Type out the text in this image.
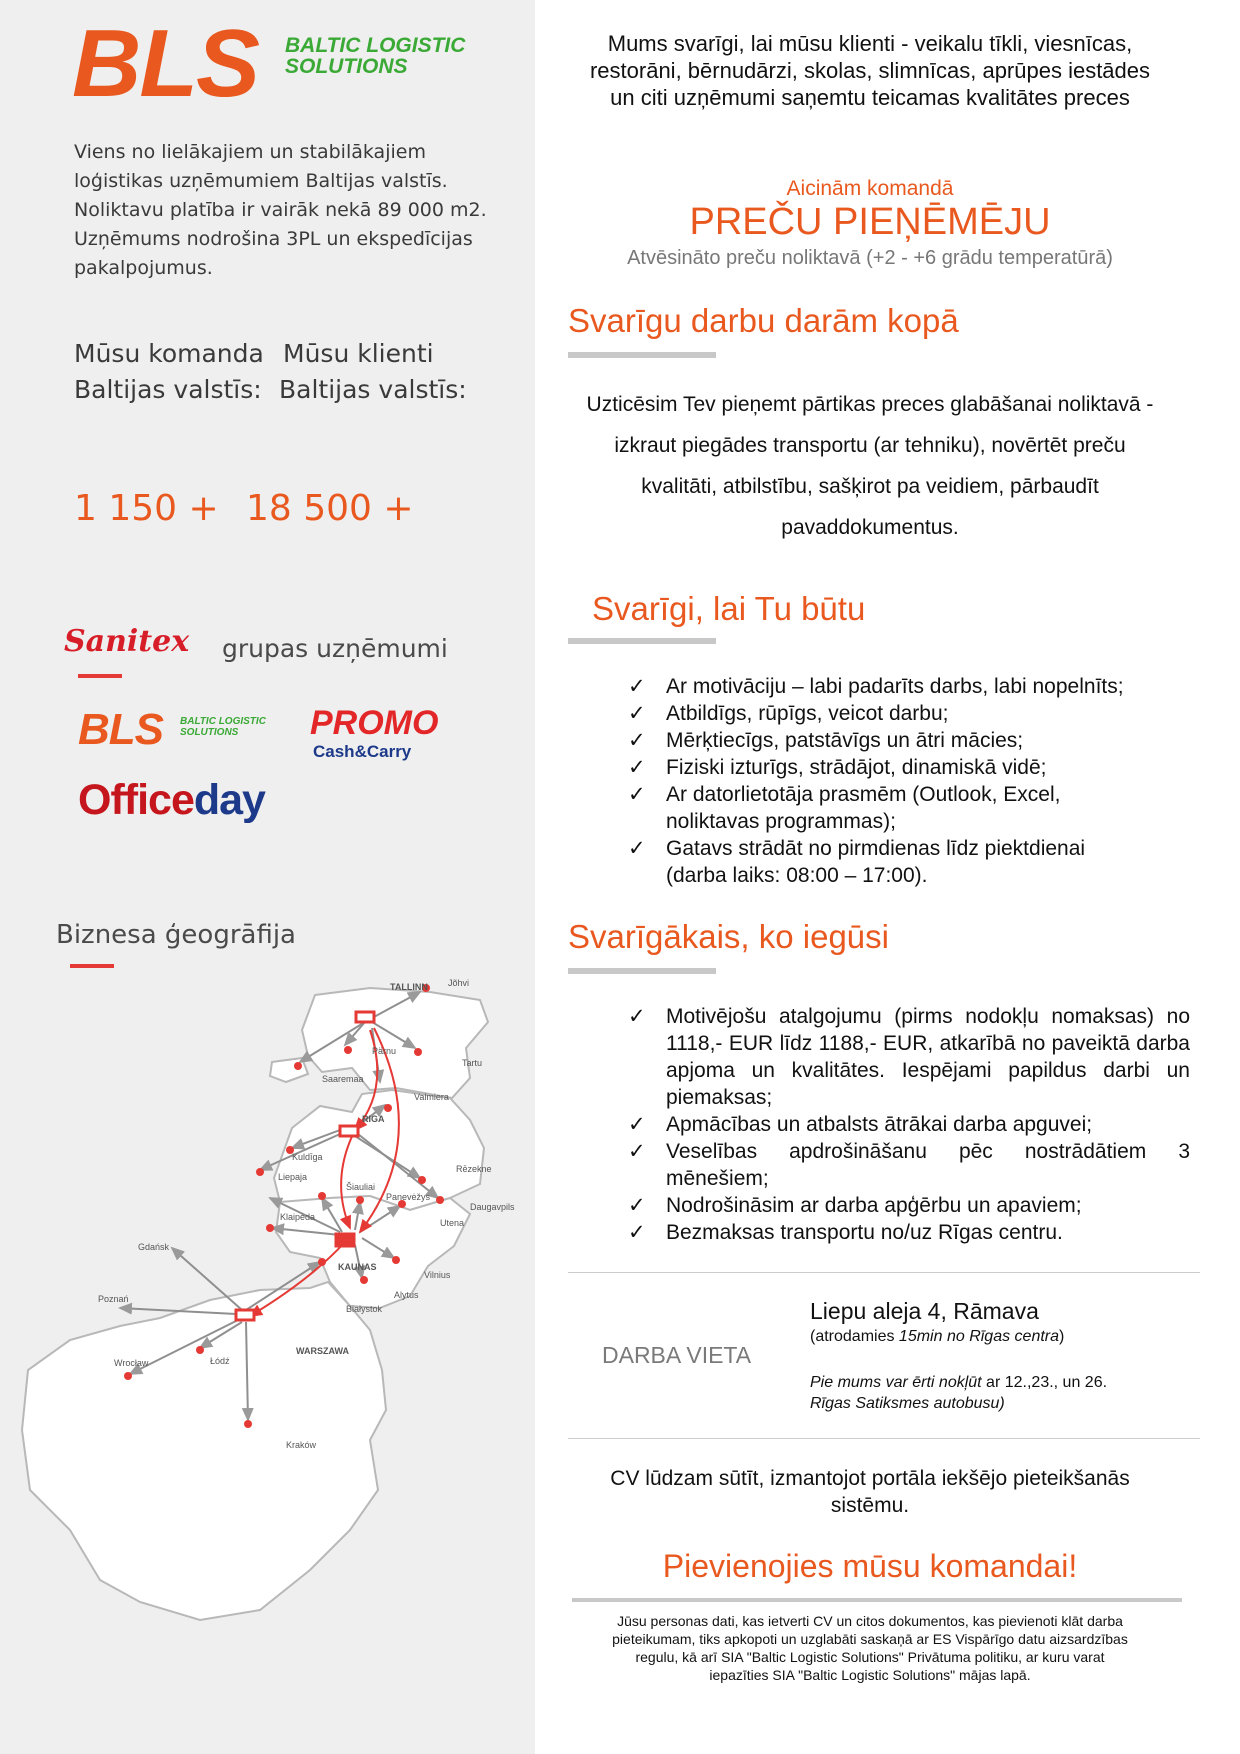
BLS BALTIC LOGISTIC
SOLUTIONS
Viens no lielākajiem un stabilākajiem
loģistikas uzņēmumiem Baltijas valstīs.
Noliktavu platība ir vairāk nekā 89 000 m2.
Uzņēmums nodrošina 3PL un ekspedīcijas
pakalpojumus.
Mūsu komanda
Baltijas valstīs:
Mūsu klienti
Baltijas valstīs:
1 150 + 18 500 +
Sanitex grupas uzņēmumi
BLS BALTIC LOGISTIC
SOLUTIONS PROMO
Cash&Carry
Officeday
Biznesa ģeogrāfija
TALLINN Jõhvi
Pärnu
Tartu
Saaremaa
Valmiera
RIGA
Kuldīga
Liepaja
Rēzekne
Šiauliai
Panevėžys
Klaipėda
Daugavpils
Utena
KAUNAS
Vilnius
Alytus
Gdańsk
Białystok
Poznań
WARSZAWA
Wrocław	Łódź
Kraków
Mums svarīgi, lai mūsu klienti - veikalu tīkli, viesnīcas,
restorāni, bērnudārzi, skolas, slimnīcas, aprūpes iestādes
un citi uzņēmumi saņemtu teicamas kvalitātes preces
Aicinām komandā
PREČU PIEŅĒMĒJU
Atvēsināto preču noliktavā (+2 - +6 grādu temperatūrā)
Svarīgu darbu darām kopā
Uzticēsim Tev pieņemt pārtikas preces glabāšanai noliktavā -
izkraut piegādes transportu (ar tehniku), novērtēt preču
kvalitāti, atbilstību, sašķirot pa veidiem, pārbaudīt
pavaddokumentus.
Svarīgi, lai Tu būtu
✓ Ar motivāciju – labi padarīts darbs, labi nopelnīts;
✓ Atbildīgs, rūpīgs, veicot darbu;
✓ Mērķtiecīgs, patstāvīgs un ātri mācies;
✓ Fiziski izturīgs, strādājot, dinamiskā vidē;
✓ Ar datorlietotāja prasmēm (Outlook, Excel, noliktavas programmas);
✓ Gatavs strādāt no pirmdienas līdz piektdienai (darba laiks: 08:00 – 17:00).
Svarīgākais, ko iegūsi
✓ Motivējošu atalgojumu (pirms nodokļu nomaksas) no 1118,- EUR līdz 1188,- EUR, atkarībā no paveiktā darba apjoma un kvalitātes. Iespējami papildus darbi un piemaksas;
✓ Apmācības un atbalsts ātrākai darba apguvei;
✓ Veselības apdrošināšanu pēc nostrādātiem 3 mēnešiem;
✓ Nodrošināsim ar darba apģērbu un apaviem;
✓ Bezmaksas transportu no/uz Rīgas centru.
DARBA VIETA
Liepu aleja 4, Rāmava
(atrodamies 15min no Rīgas centra)
Pie mums var ērti nokļūt ar 12.,23., un 26.
Rīgas Satiksmes autobusu)
CV lūdzam sūtīt, izmantojot portāla iekšējo pieteikšanās
sistēmu.
Pievienojies mūsu komandai!
Jūsu personas dati, kas ietverti CV un citos dokumentos, kas pievienoti klāt darba
pieteikumam, tiks apkopoti un uzglabāti saskaņā ar ES Vispārīgo datu aizsardzības
regulu, kā arī SIA "Baltic Logistic Solutions" Privātuma politiku, ar kuru varat
iepazīties SIA "Baltic Logistic Solutions" mājas lapā.
